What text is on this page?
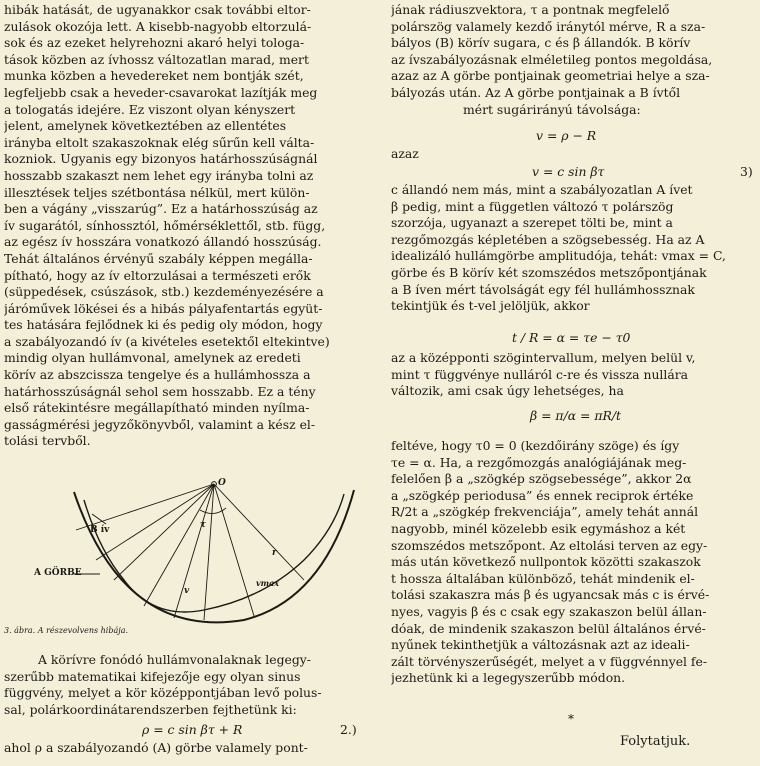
hibák hatását, de ugyanakkor csak további eltor-
zulások okozója lett. A kisebb-nagyobb eltorzulá-
sok és az ezeket helyrehozni akaró helyi tologa-
tások közben az ívhossz változatlan marad, mert
munka közben a hevedereket nem bontják szét,
legfeljebb csak a heveder-csavarokat lazítják meg
a tologatás idejére. Ez viszont olyan kényszert
jelent, amelynek következtében az ellentétes
irányba eltolt szakaszoknak elég sűrűn kell válta-
kozniok. Ugyanis egy bizonyos határhosszúságnál
hosszabb szakaszt nem lehet egy irányba tolni az
illesztések teljes szétbontása nélkül, mert külön-
ben a vágány „visszarúg”. Ez a határhosszúság az
ív sugarától, sínhossztól, hőmérséklettől, stb. függ,
az egész ív hosszára vonatkozó állandó hosszúság.
Tehát általános érvényű szabály képpen megálla-
pítható, hogy az ív eltorzulásai a természeti erők
(süppedések, csúszások, stb.) kezdeményezésére a
járóművek lökései és a hibás pályafentartás együt-
tes hatására fejlődnek ki és pedig oly módon, hogy
a szabályozandó ív (a kivételes esetektől eltekintve)
mindig olyan hullámvonal, amelynek az eredeti
körív az abszcissza tengelye és a hullámhossza a
határhosszúságnál sehol sem hosszabb. Ez a tény
első rátekintésre megállapítható minden nyílma-
gasságmérési jegyzőkönyvből, valamint a kész el-
tolási tervből.
B ív
A GÖRBE
O
τ
r
v
vmax
3. ábra. A részevolvens hibája.
A körívre fonódó hullámvonalaknak legegy-
szerűbb matematikai kifejezője egy olyan sinus
függvény, melyet a kör középpontjában levő polus-
sal, polárkoordinátarendszerben fejthetünk ki:
ρ = c sin βτ + R	2.)
ahol ρ a szabályozandó (A) görbe valamely pont-
jának rádiuszvektora, τ a pontnak megfelelő
polárszög valamely kezdő iránytól mérve, R a sza-
bályos (B) körív sugara, c és β állandók. B körív
az ívszabályozásnak elméletileg pontos megoldása,
azaz az A görbe pontjainak geometriai helye a sza-
bályozás után. Az A görbe pontjainak a B ívtől
mért sugárirányú távolsága:
v = ρ − R
azaz
v = c sin βτ	3)
c állandó nem más, mint a szabályozatlan A ívet
β pedig, mint a független változó τ polárszög
szorzója, ugyanazt a szerepet tölti be, mint a
rezgőmozgás képletében a szögsebesség. Ha az A
idealizáló hullámgörbe amplitudója, tehát: vmax = C,
görbe és B körív két szomszédos metszőpontjának
a B íven mért távolságát egy fél hullámhossznak
tekintjük és t-vel jelöljük, akkor
t / R = α = τe − τ0
az a középponti szögintervallum, melyen belül v,
mint τ függvénye nulláról c-re és vissza nullára
változik, ami csak úgy lehetséges, ha
β = π/α = πR/t
feltéve, hogy τ0 = 0 (kezdőirány szöge) és így
τe = α. Ha, a rezgőmozgás analógiájának meg-
felelően β a „szögkép szögsebessége”, akkor 2α
a „szögkép periodusa” és ennek reciprok értéke
R/2t a „szögkép frekvenciája”, amely tehát annál
nagyobb, minél közelebb esik egymáshoz a két
szomszédos metszőpont. Az eltolási terven az egy-
más után következő nullpontok közötti szakaszok
t hossza általában különböző, tehát mindenik el-
tolási szakaszra más β és ugyancsak más c is érvé-
nyes, vagyis β és c csak egy szakaszon belül állan-
dóak, de mindenik szakaszon belül általános érvé-
nyűnek tekinthetjük a változásnak azt az ideali-
zált törvényszerűségét, melyet a v függvénnyel fe-
jezhetünk ki a legegyszerűbb módon.
*
Folytatjuk.
